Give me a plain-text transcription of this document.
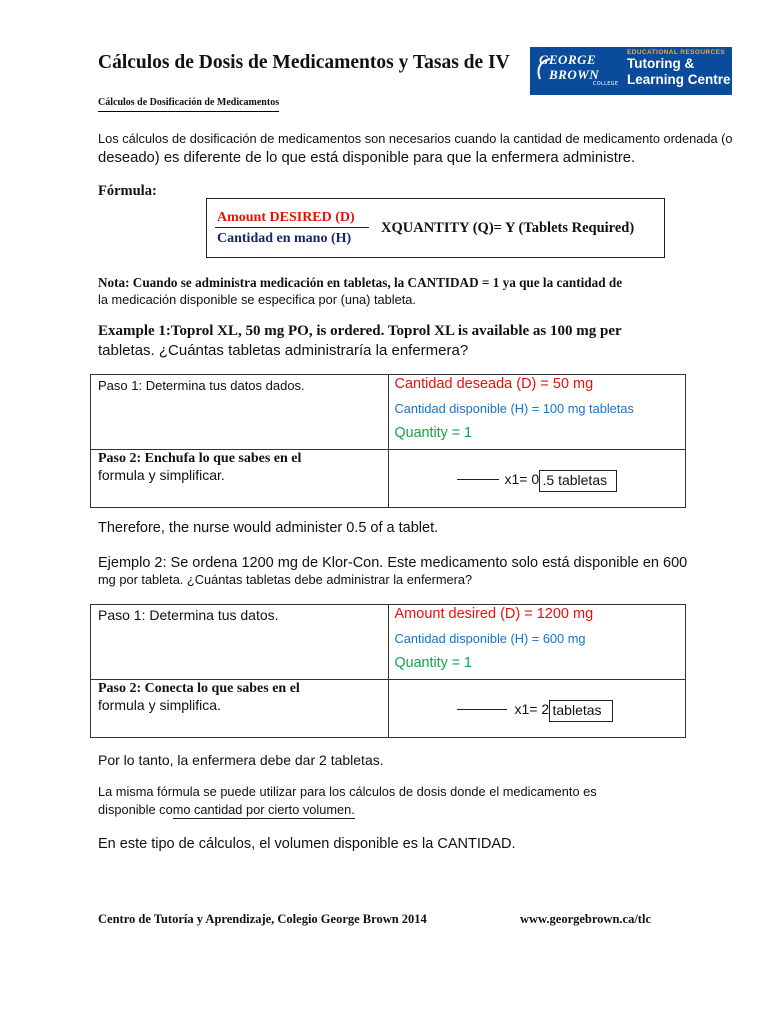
Cálculos de Dosis de Medicamentos y Tasas de IV GEORGE
BROWN
COLLEGE
EDUCATIONAL RESOURCES
Tutoring &
Learning Centre
Cálculos de Dosificación de Medicamentos
Los cálculos de dosificación de medicamentos son necesarios cuando la cantidad de medicamento ordenada (o
deseado) es diferente de lo que está disponible para que la enfermera administre.
Fórmula:
Amount DESIRED (D)
Cantidad en mano (H)
XQUANTITY (Q)= Y (Tablets Required)
Nota: Cuando se administra medicación en tabletas, la CANTIDAD = 1 ya que la cantidad de
la medicación disponible se especifica por (una) tableta.
Example 1:Toprol XL, 50 mg PO, is ordered. Toprol XL is available as 100 mg per
tabletas. ¿Cuántas tabletas administraría la enfermera?
Paso 1: Determina tus datos dados.	Cantidad deseada (D) = 50 mg
Cantidad disponible (H) = 100 mg tabletas
Quantity = 1

Paso 2: Enchufa lo que sabes en el
formula y simplificar.	x1= 0 .5 tabletas
Therefore, the nurse would administer 0.5 of a tablet.
Ejemplo 2: Se ordena 1200 mg de Klor-Con. Este medicamento solo está disponible en 600
mg por tableta. ¿Cuántas tabletas debe administrar la enfermera?
Paso 1: Determina tus datos.	Amount desired (D) = 1200 mg
Cantidad disponible (H) = 600 mg
Quantity = 1

Paso 2: Conecta lo que sabes en el
formula y simplifica.	x1= 2 tabletas
Por lo tanto, la enfermera debe dar 2 tabletas.
La misma fórmula se puede utilizar para los cálculos de dosis donde el medicamento es
disponible como cantidad por cierto volumen.
En este tipo de cálculos, el volumen disponible es la CANTIDAD.
Centro de Tutoría y Aprendizaje, Colegio George Brown 2014	www.georgebrown.ca/tlc
